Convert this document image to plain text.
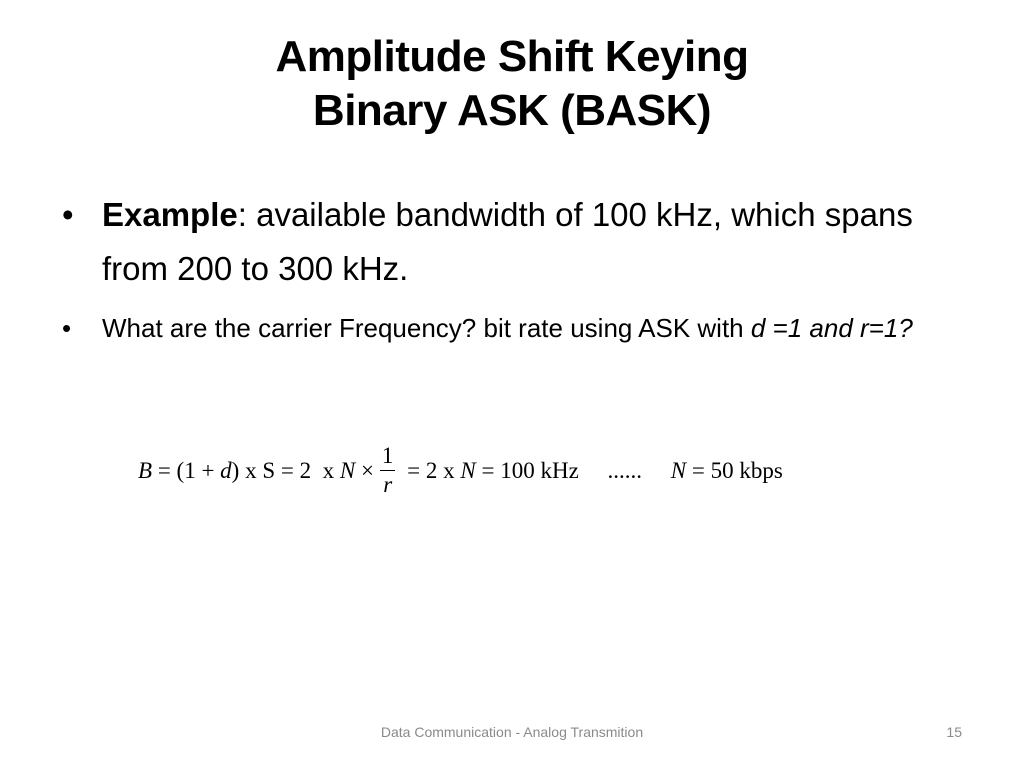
Amplitude Shift Keying
Binary ASK (BASK)
• Example: available bandwidth of 100 kHz, which spans from 200 to 300 kHz.
• What are the carrier Frequency? bit rate using ASK with d =1 and r=1?
B = (1 + d ) x S = 2  x $N \times \frac{1}{r} = 2$ x N = 100 kHz     ...... N = 50 kbps
Data Communication - Analog Transmition	15
